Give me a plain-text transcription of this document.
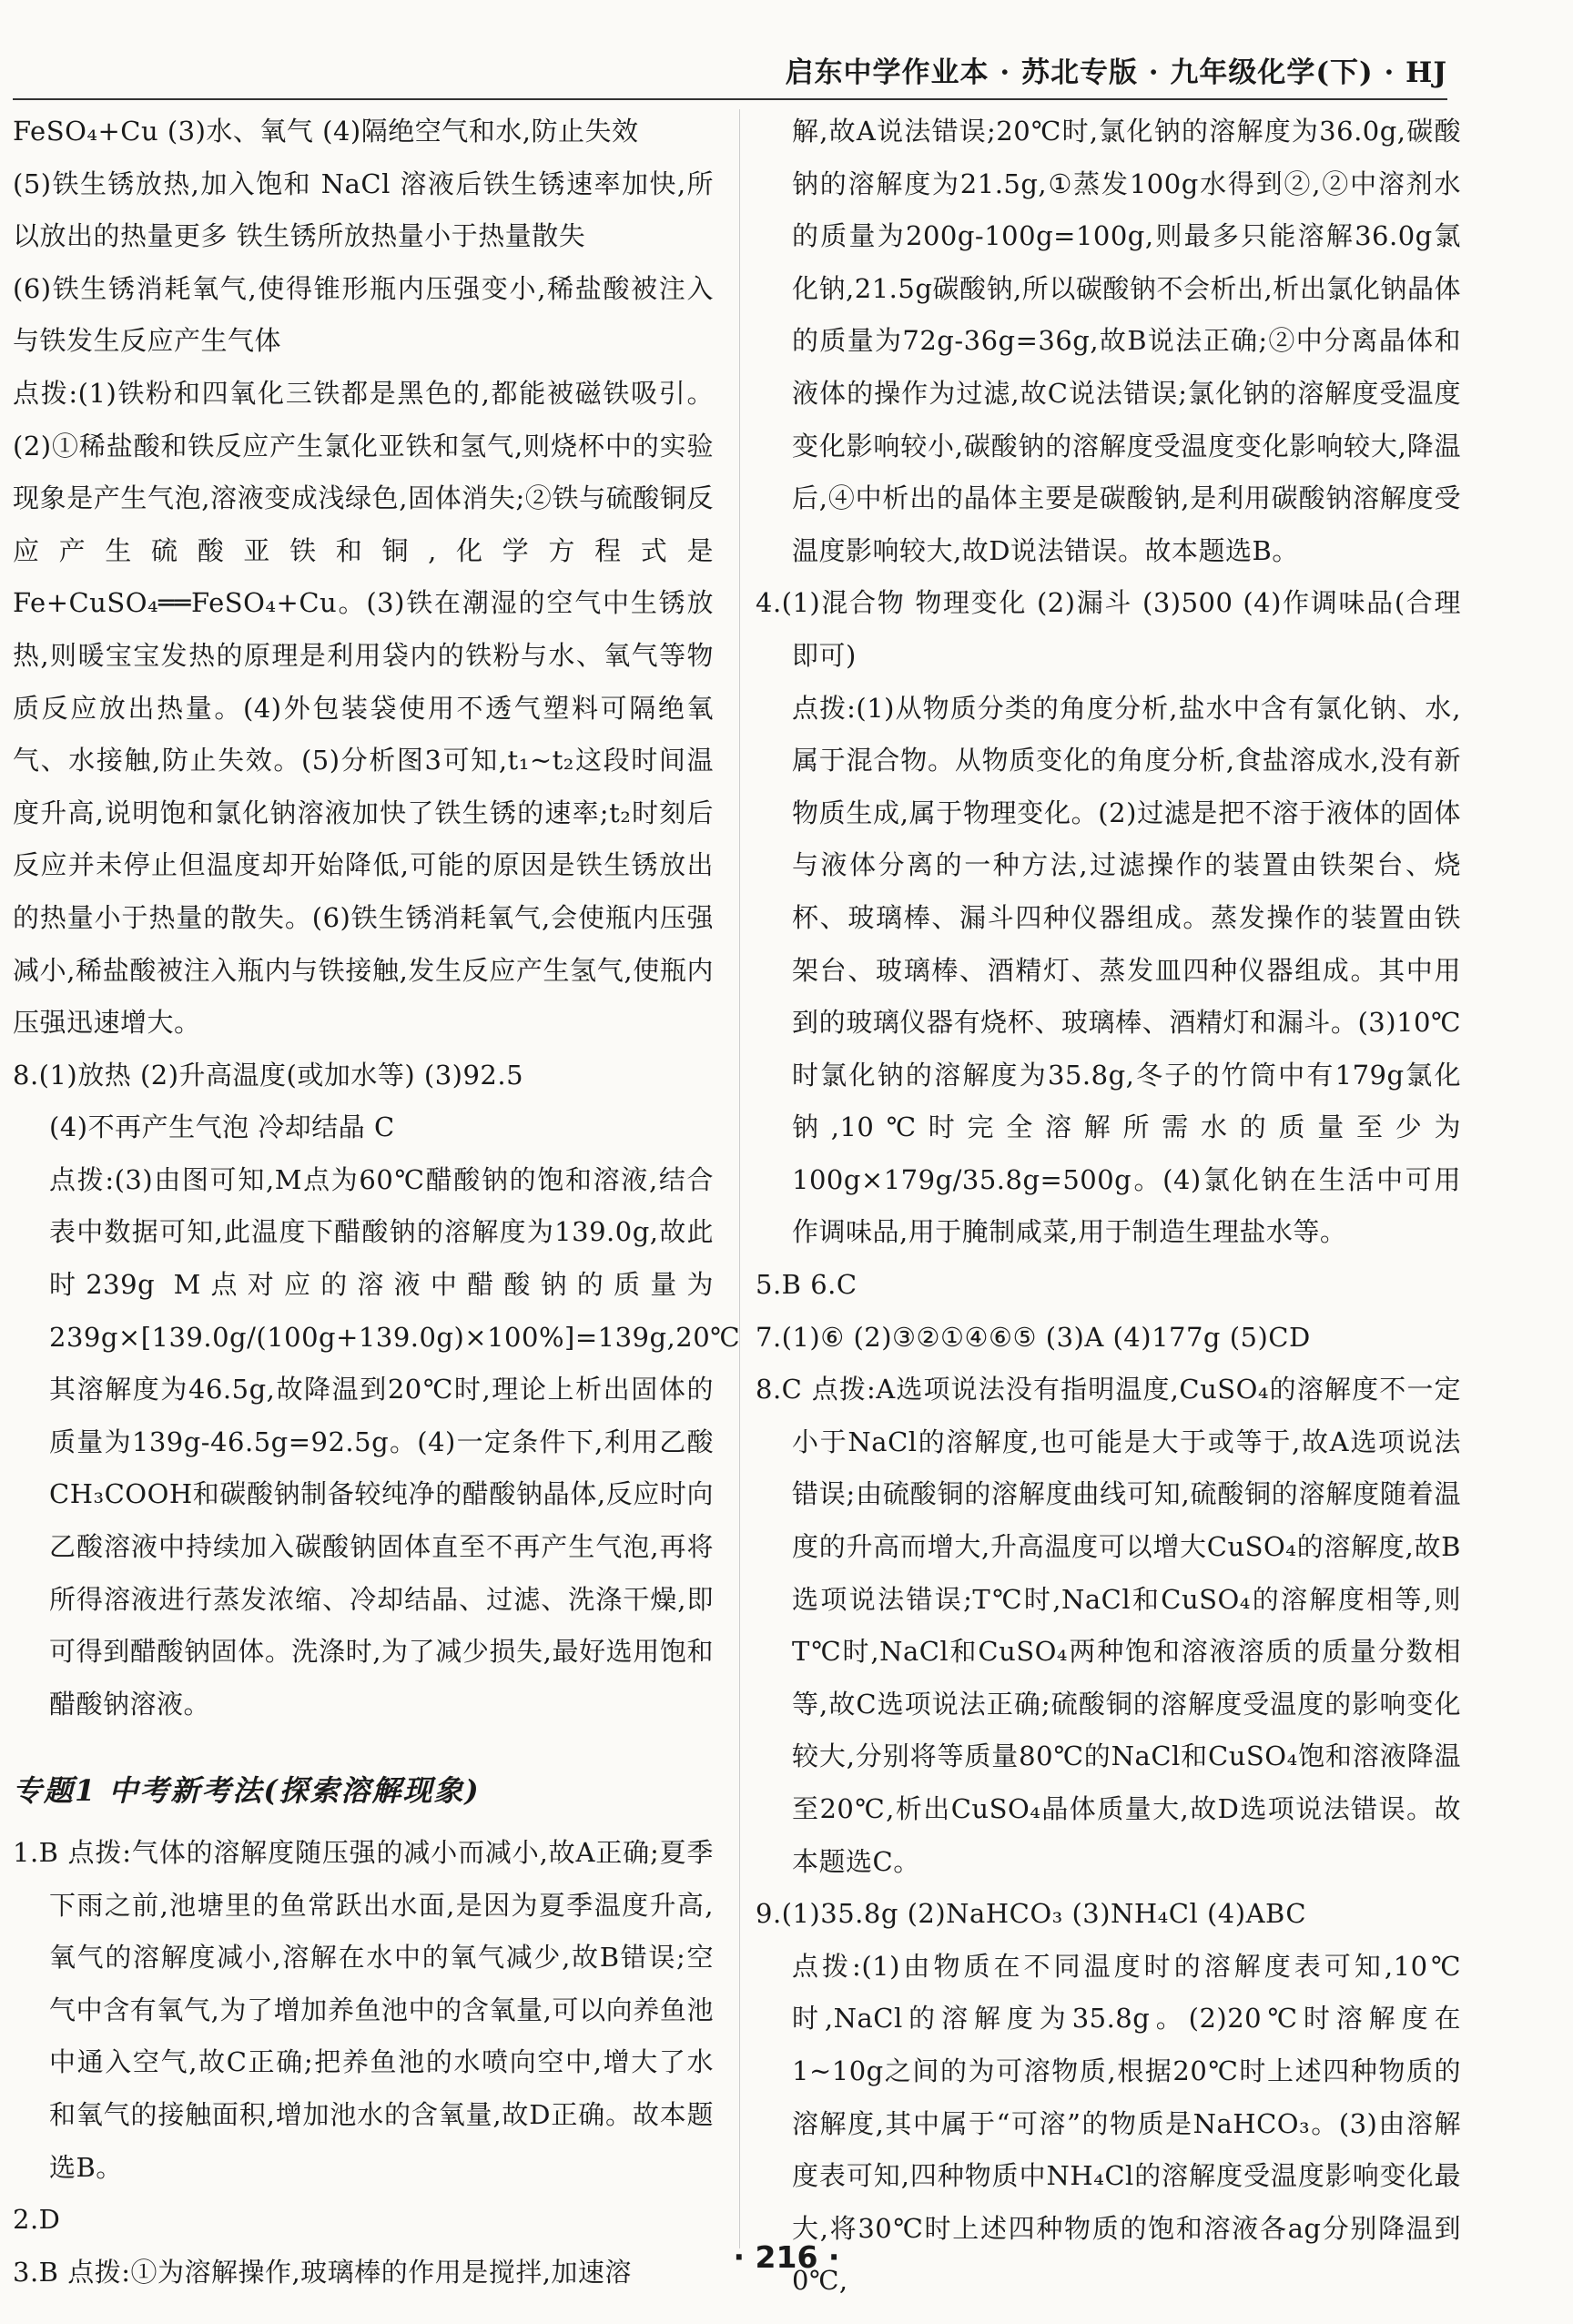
启东中学作业本 · 苏北专版 · 九年级化学(下) · HJ
FeSO₄+Cu (3)水、氧气 (4)隔绝空气和水,防止失效
(5)铁生锈放热,加入饱和 NaCl 溶液后铁生锈速率加快,所以放出的热量更多 铁生锈所放热量小于热量散失
(6)铁生锈消耗氧气,使得锥形瓶内压强变小,稀盐酸被注入与铁发生反应产生气体
点拨:(1)铁粉和四氧化三铁都是黑色的,都能被磁铁吸引。(2)①稀盐酸和铁反应产生氯化亚铁和氢气,则烧杯中的实验现象是产生气泡,溶液变成浅绿色,固体消失;②铁与硫酸铜反应产生硫酸亚铁和铜,化学方程式是Fe+CuSO₄══FeSO₄+Cu。(3)铁在潮湿的空气中生锈放热,则暖宝宝发热的原理是利用袋内的铁粉与水、氧气等物质反应放出热量。(4)外包装袋使用不透气塑料可隔绝氧气、水接触,防止失效。(5)分析图3可知,t₁~t₂这段时间温度升高,说明饱和氯化钠溶液加快了铁生锈的速率;t₂时刻后反应并未停止但温度却开始降低,可能的原因是铁生锈放出的热量小于热量的散失。(6)铁生锈消耗氧气,会使瓶内压强减小,稀盐酸被注入瓶内与铁接触,发生反应产生氢气,使瓶内压强迅速增大。
8.(1)放热 (2)升高温度(或加水等) (3)92.5
(4)不再产生气泡 冷却结晶 C
点拨:(3)由图可知,M点为60℃醋酸钠的饱和溶液,结合表中数据可知,此温度下醋酸钠的溶解度为139.0g,故此时239g M点对应的溶液中醋酸钠的质量为239g×[139.0g/(100g+139.0g)×100%]=139g,20℃其溶解度为46.5g,故降温到20℃时,理论上析出固体的质量为139g-46.5g=92.5g。(4)一定条件下,利用乙酸CH₃COOH和碳酸钠制备较纯净的醋酸钠晶体,反应时向乙酸溶液中持续加入碳酸钠固体直至不再产生气泡,再将所得溶液进行蒸发浓缩、冷却结晶、过滤、洗涤干燥,即可得到醋酸钠固体。洗涤时,为了减少损失,最好选用饱和醋酸钠溶液。
专题1 中考新考法(探索溶解现象)
1.B 点拨:气体的溶解度随压强的减小而减小,故A正确;夏季下雨之前,池塘里的鱼常跃出水面,是因为夏季温度升高,氧气的溶解度减小,溶解在水中的氧气减少,故B错误;空气中含有氧气,为了增加养鱼池中的含氧量,可以向养鱼池中通入空气,故C正确;把养鱼池的水喷向空中,增大了水和氧气的接触面积,增加池水的含氧量,故D正确。故本题选B。
2.D
3.B 点拨:①为溶解操作,玻璃棒的作用是搅拌,加速溶
解,故A说法错误;20℃时,氯化钠的溶解度为36.0g,碳酸钠的溶解度为21.5g,①蒸发100g水得到②,②中溶剂水的质量为200g-100g=100g,则最多只能溶解36.0g氯化钠,21.5g碳酸钠,所以碳酸钠不会析出,析出氯化钠晶体的质量为72g-36g=36g,故B说法正确;②中分离晶体和液体的操作为过滤,故C说法错误;氯化钠的溶解度受温度变化影响较小,碳酸钠的溶解度受温度变化影响较大,降温后,④中析出的晶体主要是碳酸钠,是利用碳酸钠溶解度受温度影响较大,故D说法错误。故本题选B。
4.(1)混合物 物理变化 (2)漏斗 (3)500 (4)作调味品(合理即可)
点拨:(1)从物质分类的角度分析,盐水中含有氯化钠、水,属于混合物。从物质变化的角度分析,食盐溶成水,没有新物质生成,属于物理变化。(2)过滤是把不溶于液体的固体与液体分离的一种方法,过滤操作的装置由铁架台、烧杯、玻璃棒、漏斗四种仪器组成。蒸发操作的装置由铁架台、玻璃棒、酒精灯、蒸发皿四种仪器组成。其中用到的玻璃仪器有烧杯、玻璃棒、酒精灯和漏斗。(3)10℃时氯化钠的溶解度为35.8g,冬子的竹筒中有179g氯化钠,10℃时完全溶解所需水的质量至少为100g×179g/35.8g=500g。(4)氯化钠在生活中可用作调味品,用于腌制咸菜,用于制造生理盐水等。
5.B 6.C
7.(1)⑥ (2)③②①④⑥⑤ (3)A (4)177g (5)CD
8.C 点拨:A选项说法没有指明温度,CuSO₄的溶解度不一定小于NaCl的溶解度,也可能是大于或等于,故A选项说法错误;由硫酸铜的溶解度曲线可知,硫酸铜的溶解度随着温度的升高而增大,升高温度可以增大CuSO₄的溶解度,故B选项说法错误;T℃时,NaCl和CuSO₄的溶解度相等,则T℃时,NaCl和CuSO₄两种饱和溶液溶质的质量分数相等,故C选项说法正确;硫酸铜的溶解度受温度的影响变化较大,分别将等质量80℃的NaCl和CuSO₄饱和溶液降温至20℃,析出CuSO₄晶体质量大,故D选项说法错误。故本题选C。
9.(1)35.8g (2)NaHCO₃ (3)NH₄Cl (4)ABC
点拨:(1)由物质在不同温度时的溶解度表可知,10℃时,NaCl的溶解度为35.8g。(2)20℃时溶解度在1~10g之间的为可溶物质,根据20℃时上述四种物质的溶解度,其中属于“可溶”的物质是NaHCO₃。(3)由溶解度表可知,四种物质中NH₄Cl的溶解度受温度影响变化最大,将30℃时上述四种物质的饱和溶液各ag分别降温到0℃,
· 216 ·
